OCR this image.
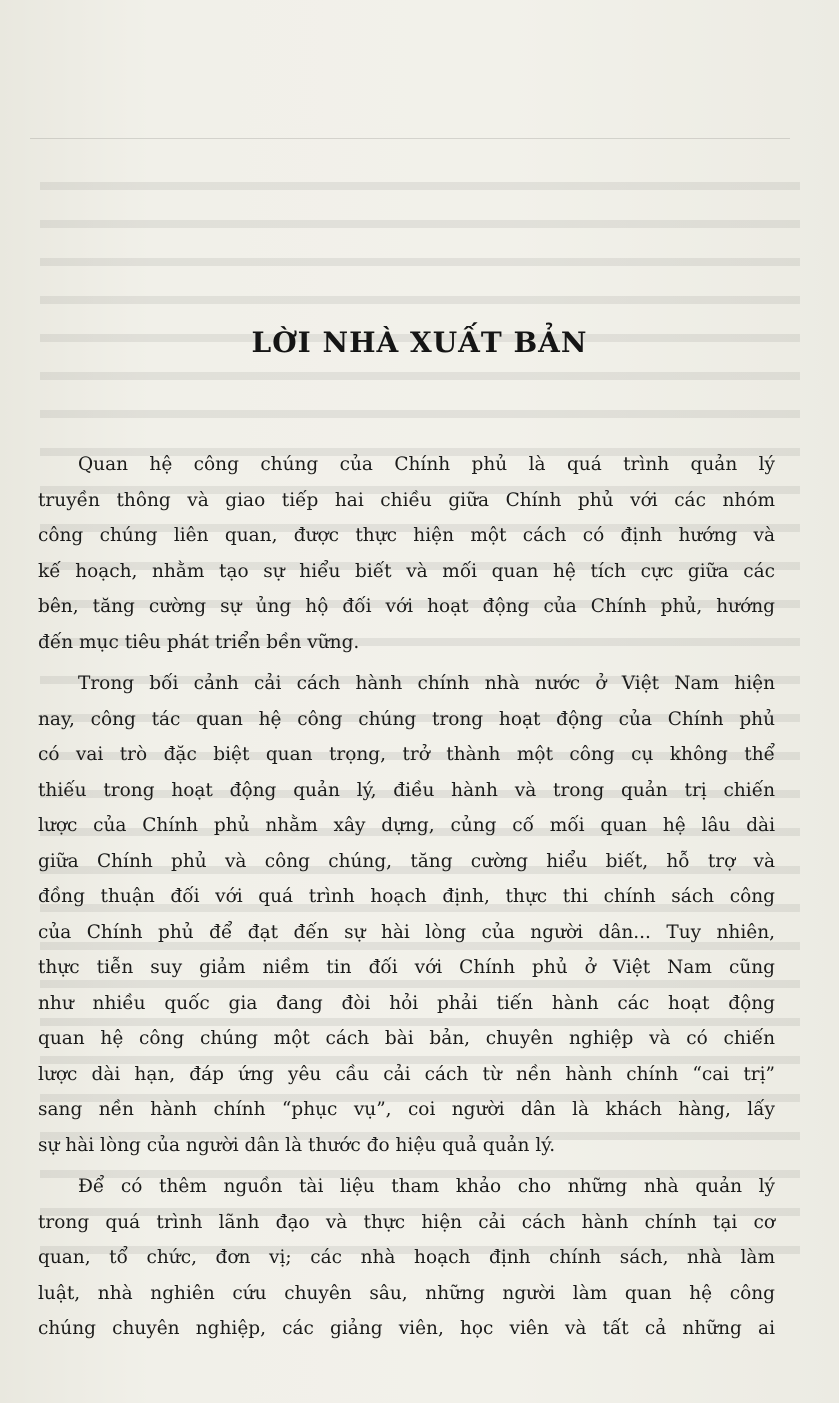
LỜI NHÀ XUẤT BẢN
Quan hệ công chúng của Chính phủ là quá trình quản lý
truyền thông và giao tiếp hai chiều giữa Chính phủ với các nhóm
công chúng liên quan, được thực hiện một cách có định hướng và
kế hoạch, nhằm tạo sự hiểu biết và mối quan hệ tích cực giữa các
bên, tăng cường sự ủng hộ đối với hoạt động của Chính phủ, hướng
đến mục tiêu phát triển bền vững.
Trong bối cảnh cải cách hành chính nhà nước ở Việt Nam hiện
nay, công tác quan hệ công chúng trong hoạt động của Chính phủ
có vai trò đặc biệt quan trọng, trở thành một công cụ không thể
thiếu trong hoạt động quản lý, điều hành và trong quản trị chiến
lược của Chính phủ nhằm xây dựng, củng cố mối quan hệ lâu dài
giữa Chính phủ và công chúng, tăng cường hiểu biết, hỗ trợ và
đồng thuận đối với quá trình hoạch định, thực thi chính sách công
của Chính phủ để đạt đến sự hài lòng của người dân... Tuy nhiên,
thực tiễn suy giảm niềm tin đối với Chính phủ ở Việt Nam cũng
như nhiều quốc gia đang đòi hỏi phải tiến hành các hoạt động
quan hệ công chúng một cách bài bản, chuyên nghiệp và có chiến
lược dài hạn, đáp ứng yêu cầu cải cách từ nền hành chính “cai trị”
sang nền hành chính “phục vụ”, coi người dân là khách hàng, lấy
sự hài lòng của người dân là thước đo hiệu quả quản lý.
Để có thêm nguồn tài liệu tham khảo cho những nhà quản lý
trong quá trình lãnh đạo và thực hiện cải cách hành chính tại cơ
quan, tổ chức, đơn vị; các nhà hoạch định chính sách, nhà làm
luật, nhà nghiên cứu chuyên sâu, những người làm quan hệ công
chúng chuyên nghiệp, các giảng viên, học viên và tất cả những ai
